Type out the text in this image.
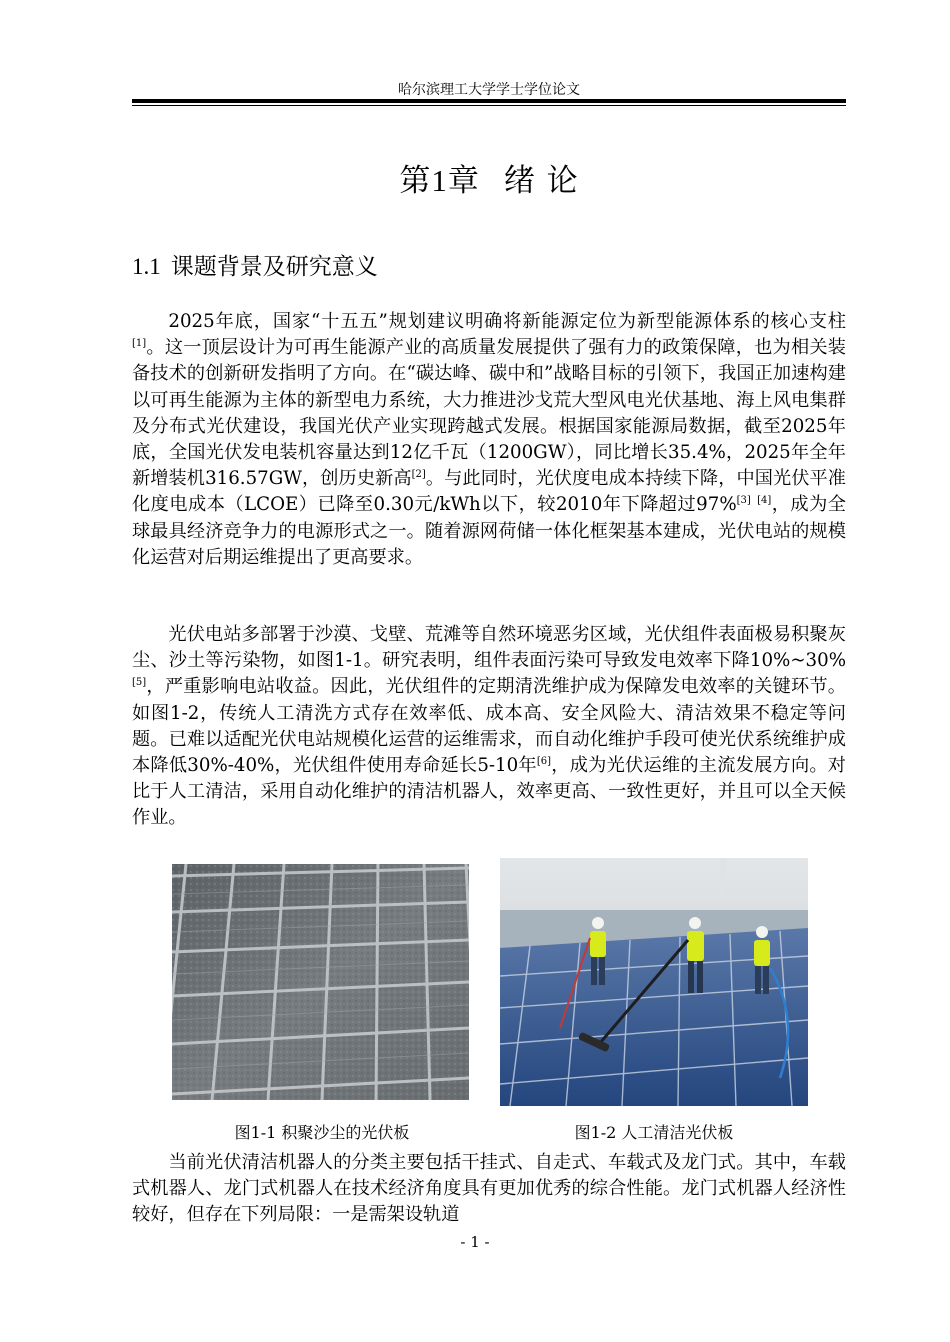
哈尔滨理工大学学士学位论文
第1章 绪 论
1.1 课题背景及研究意义

2025年底，国家“十五五”规划建议明确将新能源定位为新型能源体系的核心支柱[1]。这一顶层设计为可再生能源产业的高质量发展提供了强有力的政策保障，也为相关装备技术的创新研发指明了方向。在“碳达峰、碳中和”战略目标的引领下，我国正加速构建以可再生能源为主体的新型电力系统，大力推进沙戈荒大型风电光伏基地、海上风电集群及分布式光伏建设，我国光伏产业实现跨越式发展。根据国家能源局数据，截至2025年底，全国光伏发电装机容量达到12亿千瓦（1200GW），同比增长35.4%，2025年全年新增装机316.57GW，创历史新高[2]。与此同时，光伏度电成本持续下降，中国光伏平准化度电成本（LCOE）已降至0.30元/kWh以下，较2010年下降超过97%[3] [4]，成为全球最具经济竞争力的电源形式之一。随着源网荷储一体化框架基本建成，光伏电站的规模化运营对后期运维提出了更高要求。

光伏电站多部署于沙漠、戈壁、荒滩等自然环境恶劣区域，光伏组件表面极易积聚灰尘、沙土等污染物，如图1-1。研究表明，组件表面污染可导致发电效率下降10%~30%[5]，严重影响电站收益。因此，光伏组件的定期清洗维护成为保障发电效率的关键环节。如图1-2，传统人工清洗方式存在效率低、成本高、安全风险大、清洁效果不稳定等问题。已难以适配光伏电站规模化运营的运维需求，而自动化维护手段可使光伏系统维护成本降低30%-40%，光伏组件使用寿命延长5-10年[6]，成为光伏运维的主流发展方向。对比于人工清洁，采用自动化维护的清洁机器人，效率更高、一致性更好，并且可以全天候作业。

图1-1 积聚沙尘的光伏板	图1-2 人工清洁光伏板

当前光伏清洁机器人的分类主要包括干挂式、自走式、车载式及龙门式。其中，车载式机器人、龙门式机器人在技术经济角度具有更加优秀的综合性能。龙门式机器人经济性较好，但存在下列局限：一是需架设轨道

- 1 -
